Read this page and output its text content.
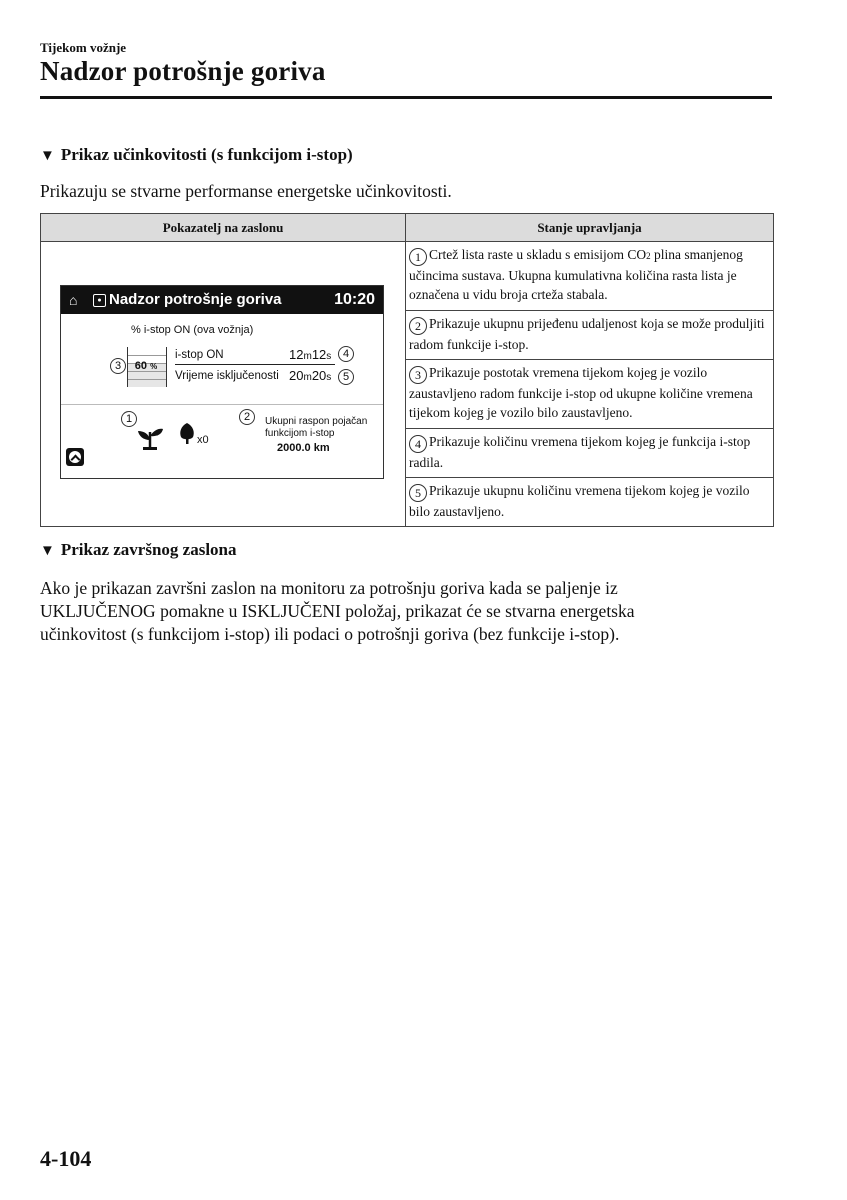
Tijekom vožnje
Nadzor potrošnje goriva
▼ Prikaz učinkovitosti (s funkcijom i-stop)
Prikazuju se stvarne performanse energetske učinkovitosti.
Pokazatelj na zaslonu	Stanje upravljanja
	1 Crtež lista raste u skladu s emisijom CO2 plina smanjenog učincima sustava. Ukupna kumulativna količina rasta lista je označena u vidu broja crteža stabala.
	2 Prikazuje ukupnu prijeđenu udaljenost koja se može produljiti radom funkcije i-stop.
	3 Prikazuje postotak vremena tijekom kojeg je vozilo zaustavljeno radom funkcije i-stop od ukupne količine vremena tijekom kojeg je vozilo bilo zaustavljeno.
	4 Prikazuje količinu vremena tijekom kojeg je funkcija i-stop radila.
	5 Prikazuje ukupnu količinu vremena tijekom kojeg je vozilo bilo zaustavljeno.
⌂	● Nadzor potrošnje goriva	10:20
% i-stop ON (ova vožnja)
3	60 %
i-stop ON	12m12s	4
Vrijeme isključenosti 20m20s	5
1
x0
2	Ukupni raspon pojačan
funkcijom i-stop
2000.0 km
▼ Prikaz završnog zaslona
Ako je prikazan završni zaslon na monitoru za potrošnju goriva kada se paljenje iz UKLJUČENOG pomakne u ISKLJUČENI položaj, prikazat će se stvarna energetska učinkovitost (s funkcijom i-stop) ili podaci o potrošnji goriva (bez funkcije i-stop).
4-104
